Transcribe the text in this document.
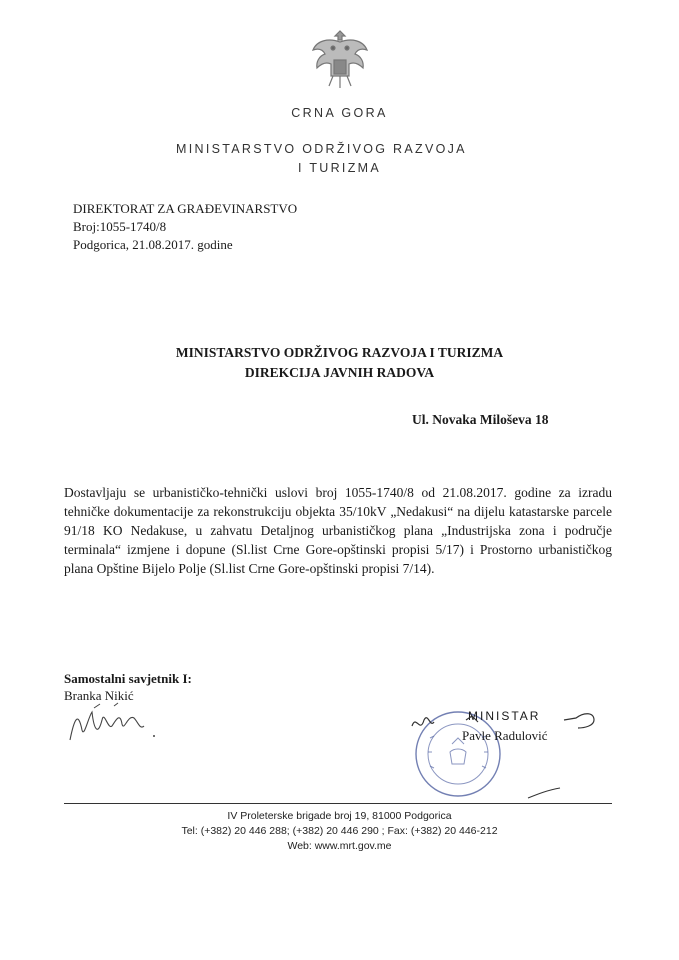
CRNA GORA
MINISTARSTVO ODRŽIVOG RAZVOJA
I TURIZMA
DIREKTORAT ZA GRAĐEVINARSTVO
Broj:1055-1740/8
Podgorica, 21.08.2017. godine
MINISTARSTVO ODRŽIVOG RAZVOJA I TURIZMA
DIREKCIJA JAVNIH RADOVA
Ul. Novaka Miloševa 18
Dostavljaju se urbanističko-tehnički uslovi broj 1055-1740/8 od 21.08.2017. godine za izradu tehničke dokumentacije za rekonstrukciju objekta 35/10kV „Nedakusi“ na dijelu katastarske parcele 91/18 KO Nedakuse, u zahvatu Detaljnog urbanističkog plana „Industrijska zona i područje terminala“ izmjene i dopune (Sl.list Crne Gore-opštinski propisi 5/17) i Prostorno urbanističkog plana Opštine Bijelo Polje (Sl.list Crne Gore-opštinski propisi 7/14).
Samostalni savjetnik I:
Branka Nikić
MINISTAR
Pavle Radulović
IV Proleterske brigade broj 19, 81000 Podgorica
Tel: (+382) 20 446 288; (+382) 20 446 290 ; Fax: (+382) 20 446-212
Web: www.mrt.gov.me
